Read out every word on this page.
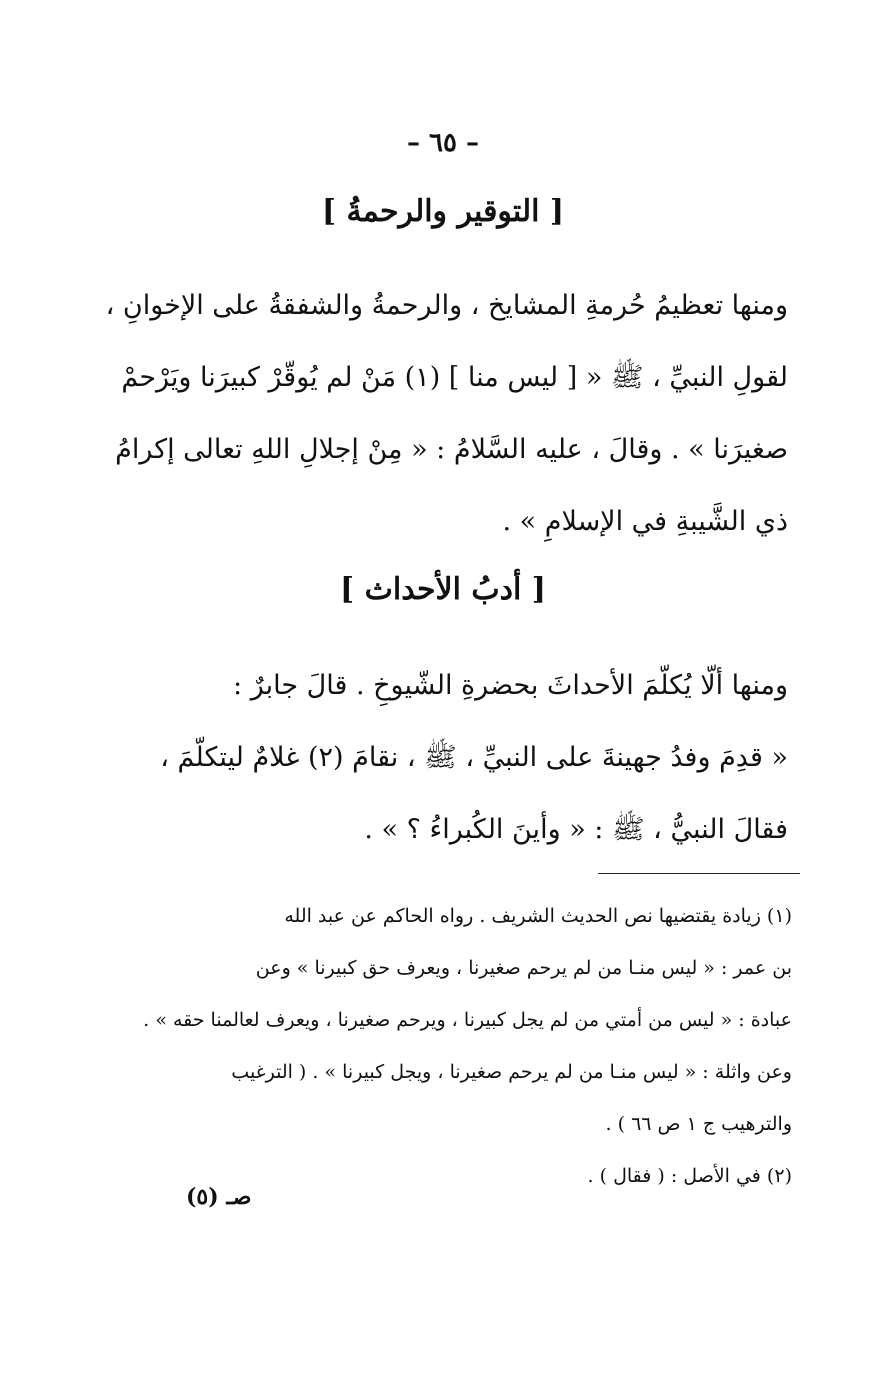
– ٦٥ –
[ التوقير والرحمةُ ]
ومنها تعظيمُ حُرمةِ المشايخ ، والرحمةُ والشفقةُ على الإخوانِ ،
لقولِ النبيِّ ، ﷺ « [ ليس منا ] (١) مَنْ لم يُوقّرْ كبيرَنا ويَرْحمْ
صغيرَنا » . وقالَ ، عليه السَّلامُ : « مِنْ إجلالِ اللهِ تعالى إكرامُ
ذي الشَّيبةِ في الإسلامِ » .
[ أدبُ الأحداث ]
ومنها ألّا يُكلّمَ الأحداثَ بحضرةِ الشّيوخِ . قالَ جابرٌ :
« قدِمَ وفدُ جهينةَ على النبيِّ ، ﷺ ، نقامَ (٢) غلامٌ ليتكلّمَ ،
فقالَ النبيُّ ، ﷺ : « وأينَ الكُبراءُ ؟ » .
(١) زيادة يقتضيها نص الحديث الشريف . رواه الحاكم عن عبد الله
بن عمر : « ليس منـا من لم يرحم صغيرنا ، ويعرف حق كبيرنا » وعن
عبادة : « ليس من أمتي من لم يجل كبيرنا ، ويرحم صغيرنا ، ويعرف لعالمنا حقه » .
وعن واثلة : « ليس منـا من لم يرحم صغيرنا ، ويجل كبيرنا » . ( الترغيب
والترهيب ج ١ ص ٦٦ ) .
(٢) في الأصل : ( فقال ) .
صـ (٥)
